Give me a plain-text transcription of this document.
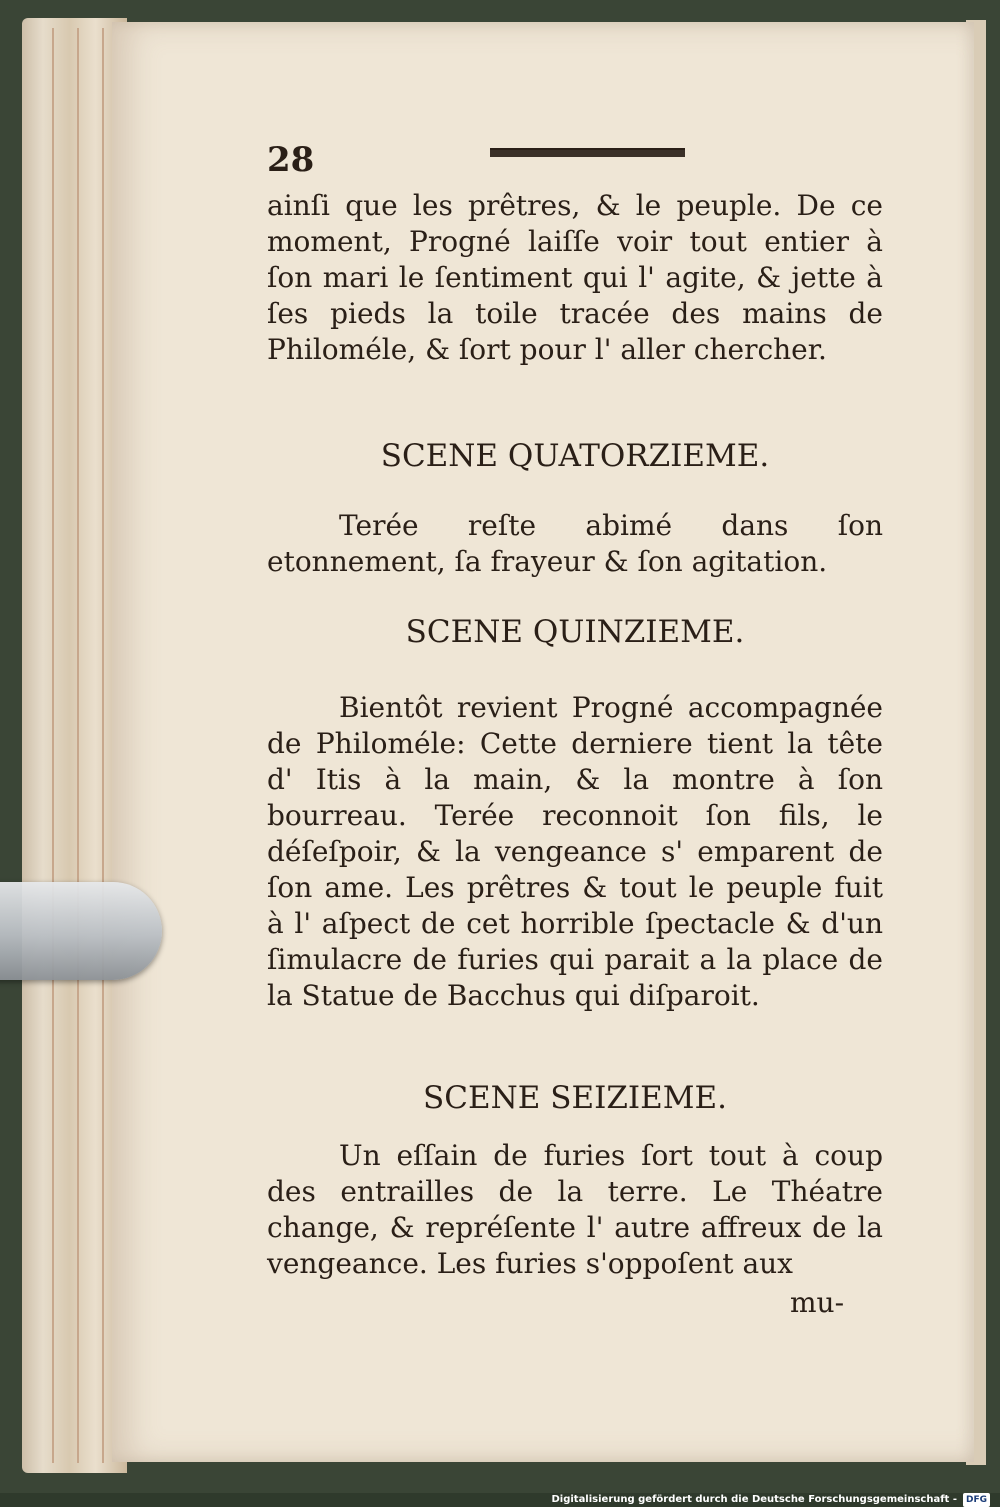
28
ainſi que les prêtres, & le peuple. De ce moment, Progné laiſſe voir tout entier à ſon mari le ſentiment qui l' agite, & jette à ſes pieds la toile tracée des mains de Philoméle, & ſort pour l' aller chercher.
SCENE QUATORZIEME.
Terée reſte abimé dans ſon etonnement, ſa frayeur & ſon agitation.
SCENE QUINZIEME.
Bientôt revient Progné accompagnée de Philoméle: Cette derniere tient la tête d' Itis à la main, & la montre à ſon bourreau. Terée reconnoit ſon fils, le déſeſpoir, & la vengeance s' emparent de ſon ame. Les prêtres & tout le peuple fuit à l' aſpect de cet horrible ſpectacle & d'un ſimulacre de furies qui parait a la place de la Statue de Bacchus qui diſparoit.
SCENE SEIZIEME.
Un eſſain de furies ſort tout à coup des entrailles de la terre. Le Théatre change, & repréſente l' autre affreux de la vengeance. Les furies s'oppoſent aux
mu-
Digitalisierung gefördert durch die Deutsche Forschungsgemeinschaft -	DFG
